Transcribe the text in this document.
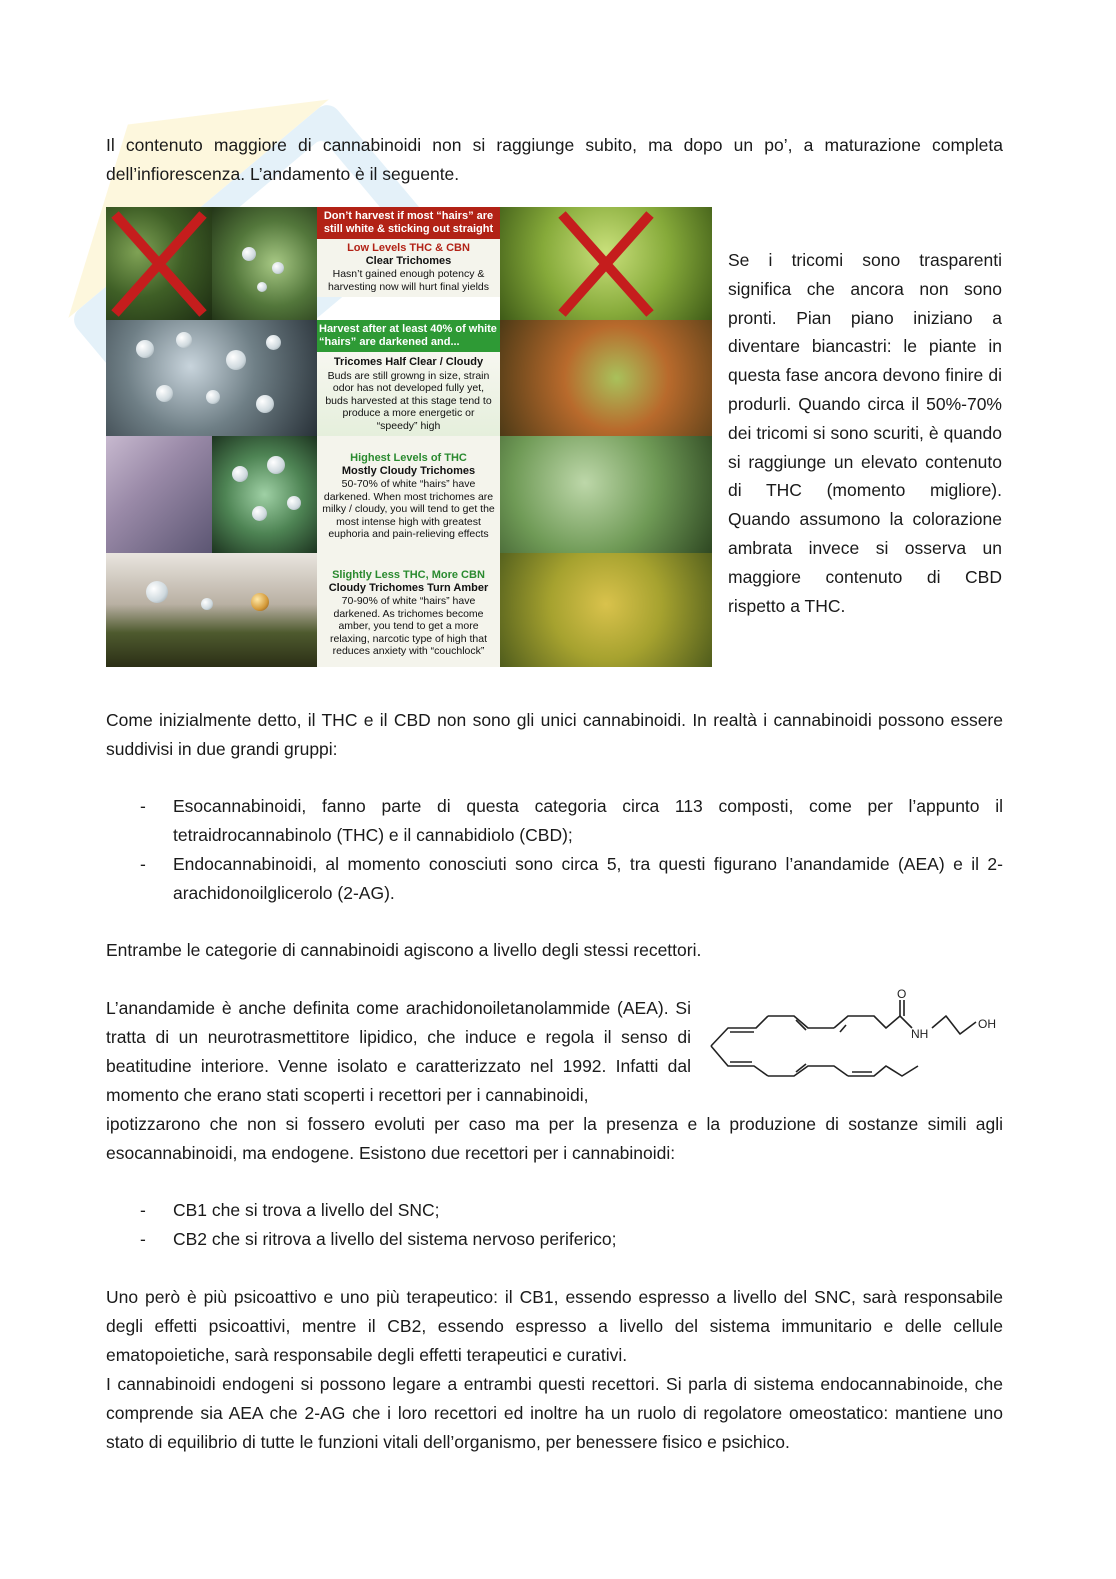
Il contenuto maggiore di cannabinoidi non si raggiunge subito, ma dopo un po’, a maturazione completa dell’infiorescenza. L’andamento è il seguente.

Don’t harvest if most “hairs” are still white & sticking out straight
Low Levels THC & CBN
Clear Trichomes
Hasn’t gained enough potency & harvesting now will hurt final yields
Harvest after at least 40% of white “hairs” are darkened and...
Tricomes Half Clear / Cloudy
Buds are still growng in size, strain odor has not developed fully yet, buds harvested at this stage tend to produce a more energetic or “speedy” high
Highest Levels of THC
Mostly Cloudy Trichomes
50-70% of white “hairs” have darkened. When most trichomes are milky / cloudy, you will tend to get the most intense high with greatest euphoria and pain-relieving effects
Slightly Less THC, More CBN
Cloudy Trichomes Turn Amber
70-90% of white “hairs” have darkened. As trichomes become amber, you tend to get a more relaxing, narcotic type of high that reduces anxiety with “couchlock”

Se i tricomi sono trasparenti significa che ancora non sono pronti. Pian piano iniziano a diventare biancastri: le piante in questa fase ancora devono finire di produrli. Quando circa il 50%-70% dei tricomi si sono scuriti, è quando si raggiunge un elevato contenuto di THC (momento migliore). Quando assumono la colorazione ambrata invece si osserva un maggiore contenuto di CBD rispetto a THC.

Come inizialmente detto, il THC e il CBD non sono gli unici cannabinoidi. In realtà i cannabinoidi possono essere suddivisi in due grandi gruppi:

- Esocannabinoidi, fanno parte di questa categoria circa 113 composti, come per l’appunto il tetraidrocannabinolo (THC) e il cannabidiolo (CBD);
- Endocannabinoidi, al momento conosciuti sono circa 5, tra questi figurano l’anandamide (AEA) e il 2-arachidonoilglicerolo (2-AG).

Entrambe le categorie di cannabinoidi agiscono a livello degli stessi recettori.

L’anandamide è anche definita come arachidonoiletanolammide (AEA). Si tratta di un neurotrasmettitore lipidico, che induce e regola il senso di beatitudine interiore. Venne isolato e caratterizzato nel 1992. Infatti dal momento che erano stati scoperti i recettori per i cannabinoidi,

O
NH
OH

ipotizzarono che non si fossero evoluti per caso ma per la presenza e la produzione di sostanze simili agli esocannabinoidi, ma endogene. Esistono due recettori per i cannabinoidi:

- CB1 che si trova a livello del SNC;
- CB2 che si ritrova a livello del sistema nervoso periferico;

Uno però è più psicoattivo e uno più terapeutico: il CB1, essendo espresso a livello del SNC, sarà responsabile degli effetti psicoattivi, mentre il CB2, essendo espresso a livello del sistema immunitario e delle cellule ematopoietiche, sarà responsabile degli effetti terapeutici e curativi.

I cannabinoidi endogeni si possono legare a entrambi questi recettori. Si parla di sistema endocannabinoide, che comprende sia AEA che 2-AG che i loro recettori ed inoltre ha un ruolo di regolatore omeostatico: mantiene uno stato di equilibrio di tutte le funzioni vitali dell’organismo, per benessere fisico e psichico.
